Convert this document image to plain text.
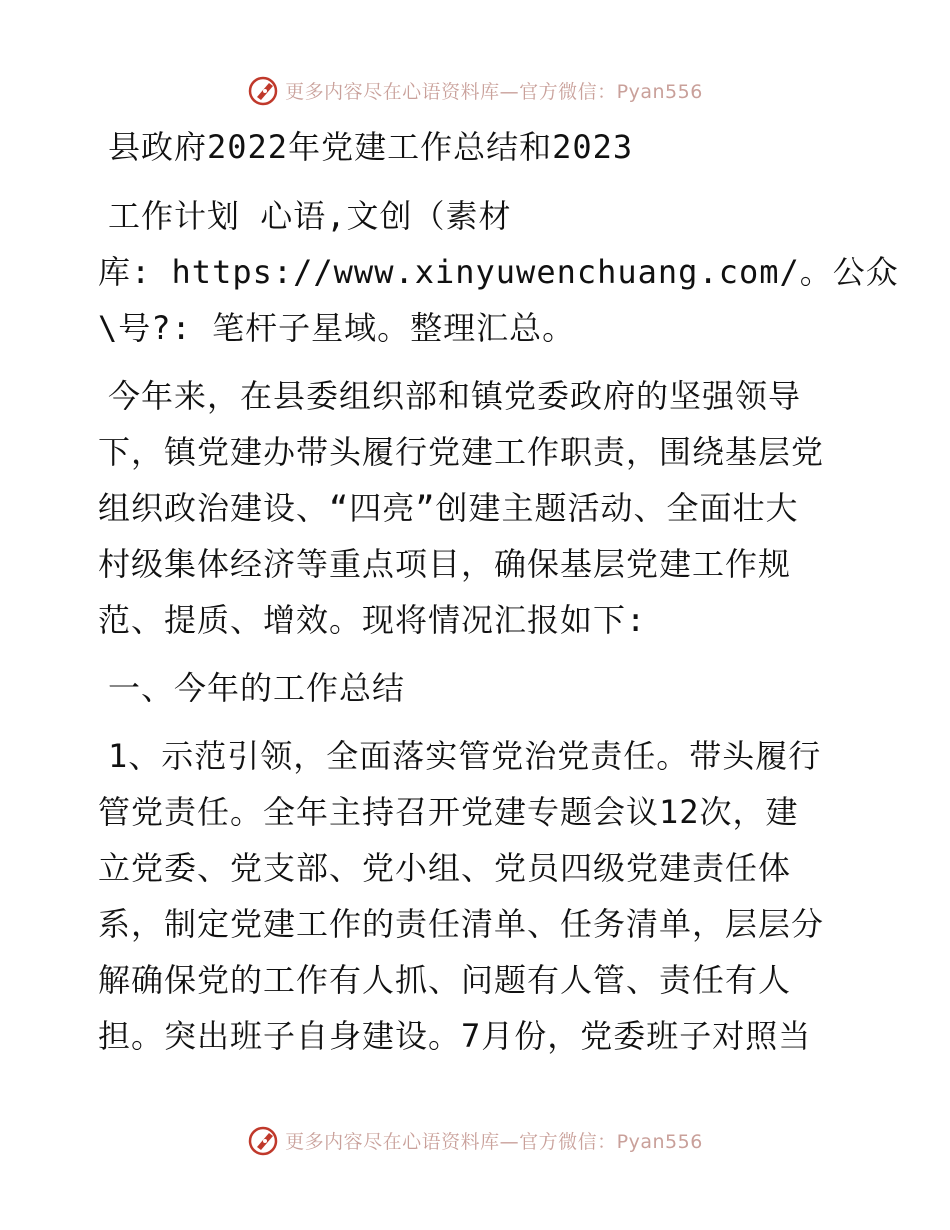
更多内容尽在心语资料库—官方微信：Pyan556
县政府2022年党建工作总结和2023
工作计划 心语,文创（素材
库: https://www.xinyuwenchuang.com/。公众
\号?: 笔杆子星域。整理汇总。
今年来，在县委组织部和镇党委政府的坚强领导
下，镇党建办带头履行党建工作职责，围绕基层党
组织政治建设、“四亮”创建主题活动、全面壮大
村级集体经济等重点项目，确保基层党建工作规
范、提质、增效。现将情况汇报如下:
一、今年的工作总结
1、示范引领，全面落实管党治党责任。带头履行
管党责任。全年主持召开党建专题会议12次，建
立党委、党支部、党小组、党员四级党建责任体
系，制定党建工作的责任清单、任务清单，层层分
解确保党的工作有人抓、问题有人管、责任有人
担。突出班子自身建设。7月份，党委班子对照当
更多内容尽在心语资料库—官方微信：Pyan556
